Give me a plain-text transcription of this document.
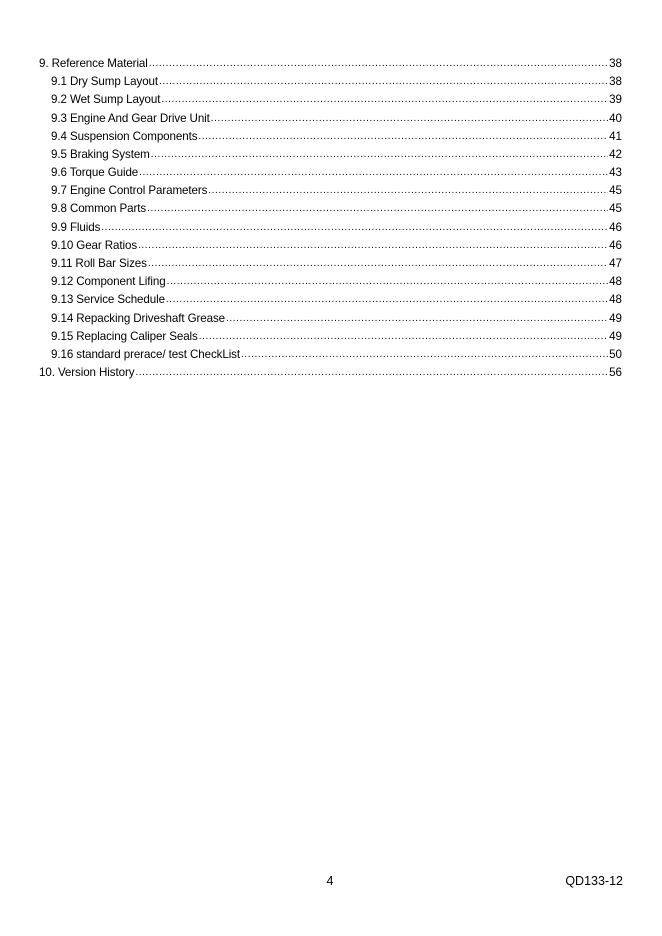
9. Reference Material .....	38
9.1 Dry Sump Layout .....	38
9.2 Wet Sump Layout .....	39
9.3 Engine And Gear Drive Unit .....	40
9.4 Suspension Components .....	41
9.5 Braking System .....	42
9.6 Torque Guide .....	43
9.7 Engine Control Parameters .....	45
9.8 Common Parts .....	45
9.9 Fluids .....	46
9.10 Gear Ratios .....	46
9.11 Roll Bar Sizes .....	47
9.12 Component Lifing .....	48
9.13 Service Schedule .....	48
9.14 Repacking Driveshaft Grease .....	49
9.15 Replacing Caliper Seals .....	49
9.16 standard prerace/ test CheckList .....	50
10. Version History .....	56
4	QD133-12
